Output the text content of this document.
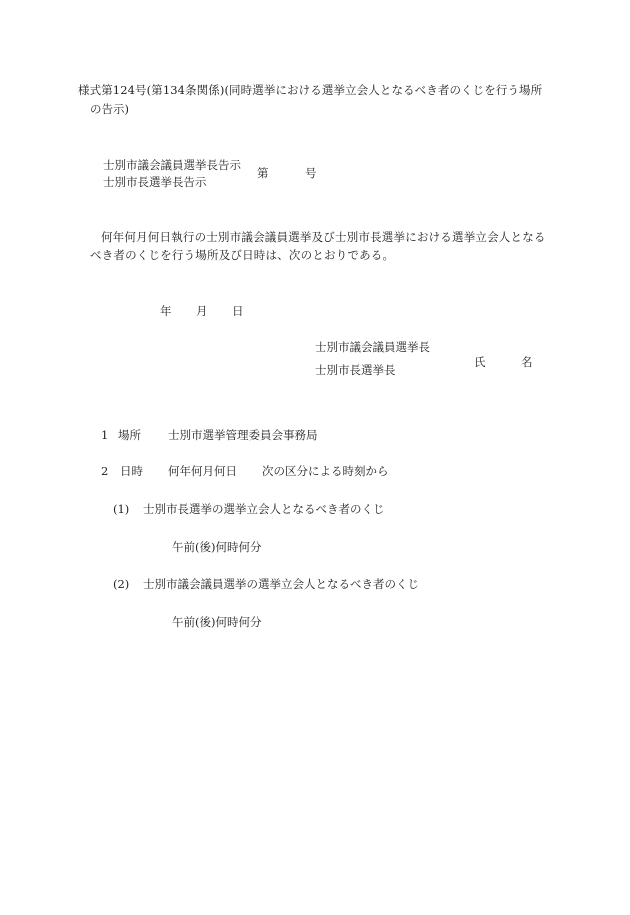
様式第124号(第134条関係)(同時選挙における選挙立会人となるべき者のくじを行う場所
の告示)
士別市議会議員選挙長告示
士別市長選挙長告示
第	号
何年何月何日執行の士別市議会議員選挙及び士別市長選挙における選挙立会人となる
べき者のくじを行う場所及び日時は、次のとおりである。
年 月 日
士別市議会議員選挙長
士別市長選挙長
氏	名
1 場所 士別市選挙管理委員会事務局
2 日時 何年何月何日 次の区分による時刻から
(1) 士別市長選挙の選挙立会人となるべき者のくじ
午前(後)何時何分
(2) 士別市議会議員選挙の選挙立会人となるべき者のくじ
午前(後)何時何分
